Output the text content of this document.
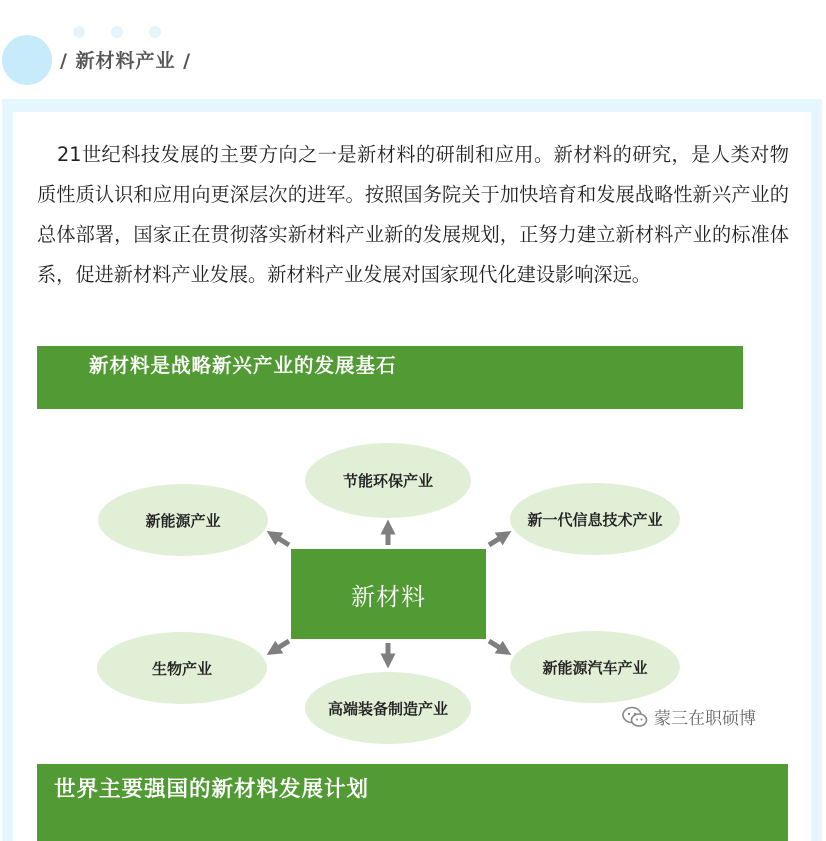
/ 新材料产业 /

21世纪科技发展的主要方向之一是新材料的研制和应用。新材料的研究，是人类对物质性质认识和应用向更深层次的进军。按照国务院关于加快培育和发展战略性新兴产业的总体部署，国家正在贯彻落实新材料产业新的发展规划，正努力建立新材料产业的标准体系，促进新材料产业发展。新材料产业发展对国家现代化建设影响深远。

新材料是战略新兴产业的发展基石
节能环保产业
新能源产业	新一代信息技术产业
生物产业	新能源汽车产业
高端装备制造产业
新材料
蒙三在职硕博
世界主要强国的新材料发展计划
